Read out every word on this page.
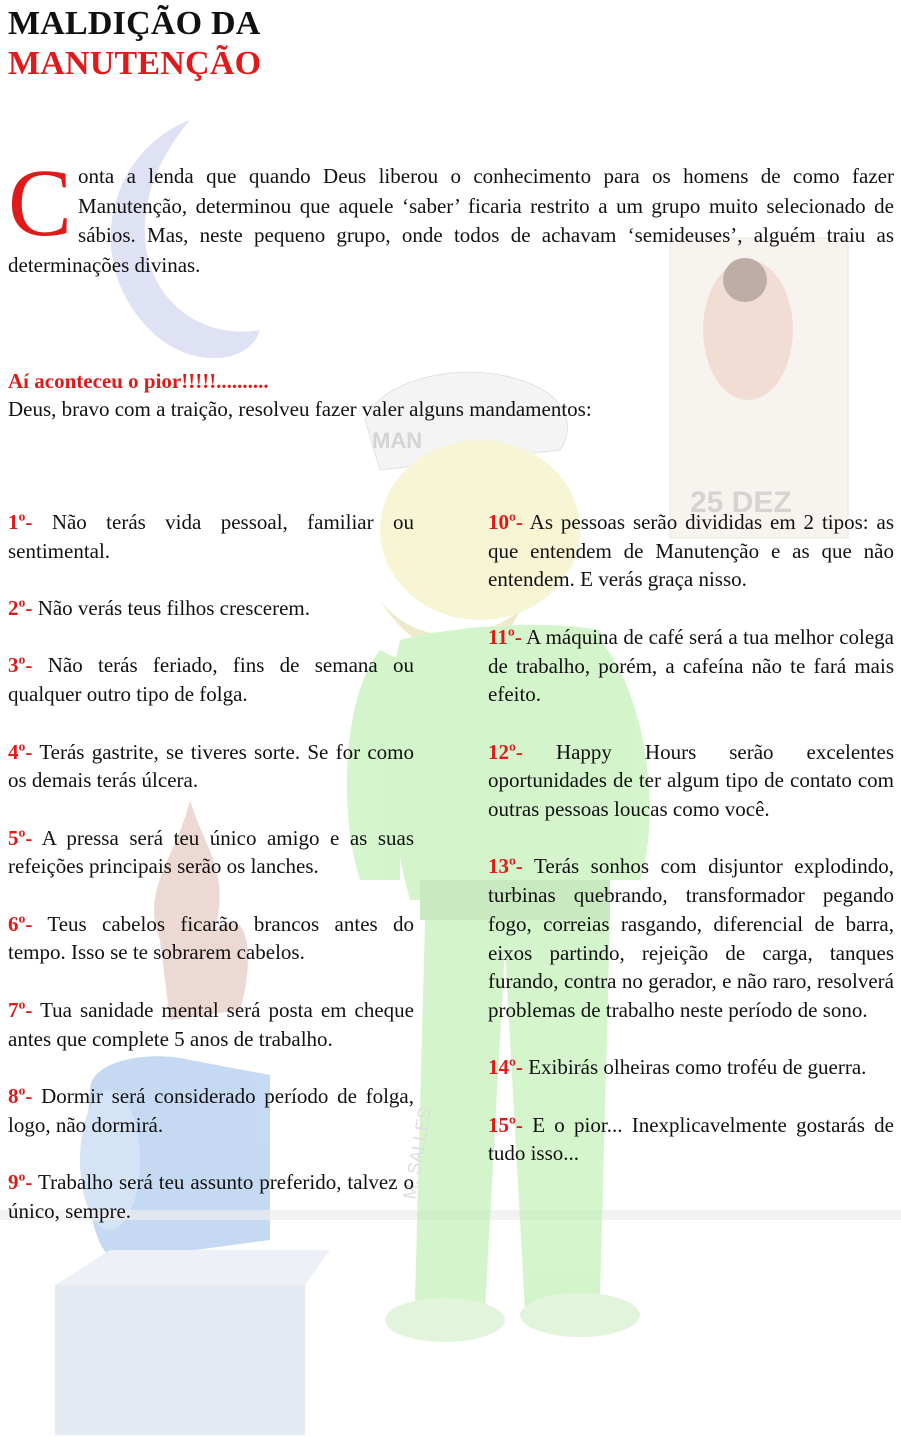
25 DEZ
MAN
M. SALLES
MALDIÇÃO DA
MANUTENÇÃO

Conta a lenda que quando Deus liberou o conhecimento para os homens de como fazer Manutenção, determinou que aquele ‘saber’ ficaria restrito a um grupo muito selecionado de sábios. Mas, neste pequeno grupo, onde todos de achavam ‘semideuses’, alguém traiu as determinações divinas.

Aí aconteceu o pior!!!!!..........
Deus, bravo com a traição, resolveu fazer valer alguns mandamentos:

1º- Não terás vida pessoal, familiar ou sentimental.

2º- Não verás teus filhos crescerem.

3º- Não terás feriado, fins de semana ou qualquer outro tipo de folga.

4º- Terás gastrite, se tiveres sorte. Se for como os demais terás úlcera.

5º- A pressa será teu único amigo e as suas refeições principais serão os lanches.

6º- Teus cabelos ficarão brancos antes do tempo. Isso se te sobrarem cabelos.

7º- Tua sanidade mental será posta em cheque antes que complete 5 anos de trabalho.

8º- Dormir será considerado período de folga, logo, não dormirá.

9º- Trabalho será teu assunto preferido, talvez o único, sempre.

10º- As pessoas serão divididas em 2 tipos: as que entendem de Manutenção e as que não entendem. E verás graça nisso.

11º- A máquina de café será a tua melhor colega de trabalho, porém, a cafeína não te fará mais efeito.

12º- Happy Hours serão excelentes oportunidades de ter algum tipo de contato com outras pessoas loucas como você.

13º- Terás sonhos com disjuntor explodindo, turbinas quebrando, transformador pegando fogo, correias rasgando, diferencial de barra, eixos partindo, rejeição de carga, tanques furando, contra no gerador, e não raro, resolverá problemas de trabalho neste período de sono.

14º- Exibirás olheiras como troféu de guerra.

15º- E o pior... Inexplicavelmente gostarás de tudo isso...
